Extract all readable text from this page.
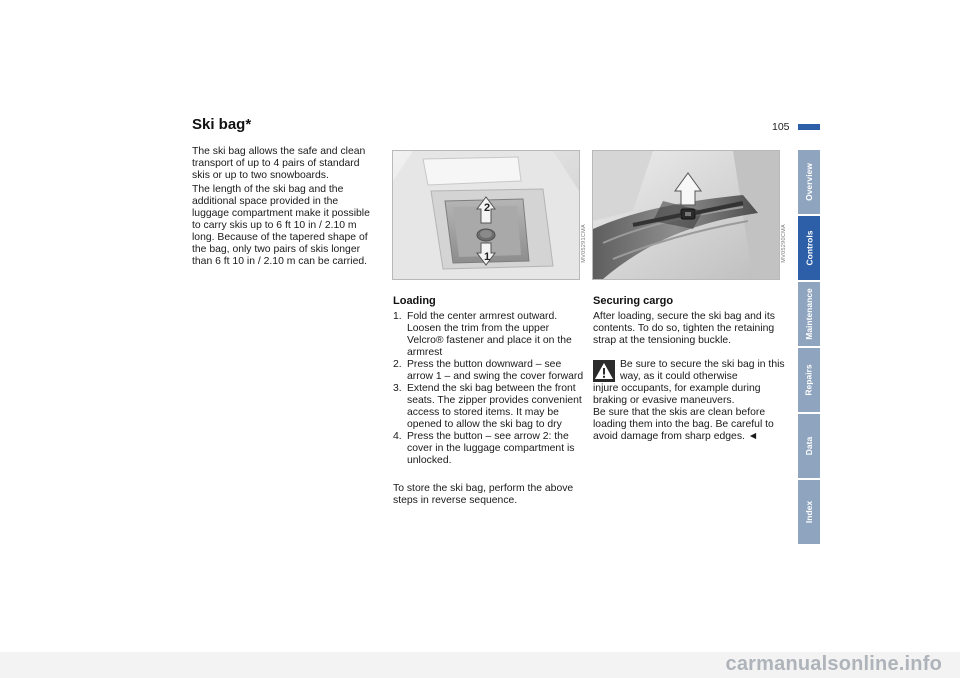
Ski bag*	105

The ski bag allows the safe and clean transport of up to 4 pairs of standard skis or up to two snowboards.

The length of the ski bag and the additional space provided in the luggage compartment make it possible to carry skis up to 6 ft 10 in / 2.10 m long. Because of the tapered shape of the bag, only two pairs of skis longer than 6 ft 10 in / 2.10 m can be carried.

2
1	MV05291CMA	MV05290CMA
Loading
1. Fold the center armrest outward. Loosen the trim from the upper Velcro® fastener and place it on the armrest
2. Press the button downward – see arrow 1 – and swing the cover forward
3. Extend the ski bag between the front seats. The zipper provides convenient access to stored items. It may be opened to allow the ski bag to dry
4. Press the button – see arrow 2: the cover in the luggage compartment is unlocked.

To store the ski bag, perform the above steps in reverse sequence.

Securing cargo

After loading, secure the ski bag and its contents. To do so, tighten the retaining strap at the tensioning buckle.

Be sure to secure the ski bag in this way, as it could otherwise

injure occupants, for example during braking or evasive maneuvers.

Be sure that the skis are clean before loading them into the bag. Be careful to avoid damage from sharp edges. ◄

Overview
Controls
Maintenance
Repairs
Data
Index
carmanualsonline.info
